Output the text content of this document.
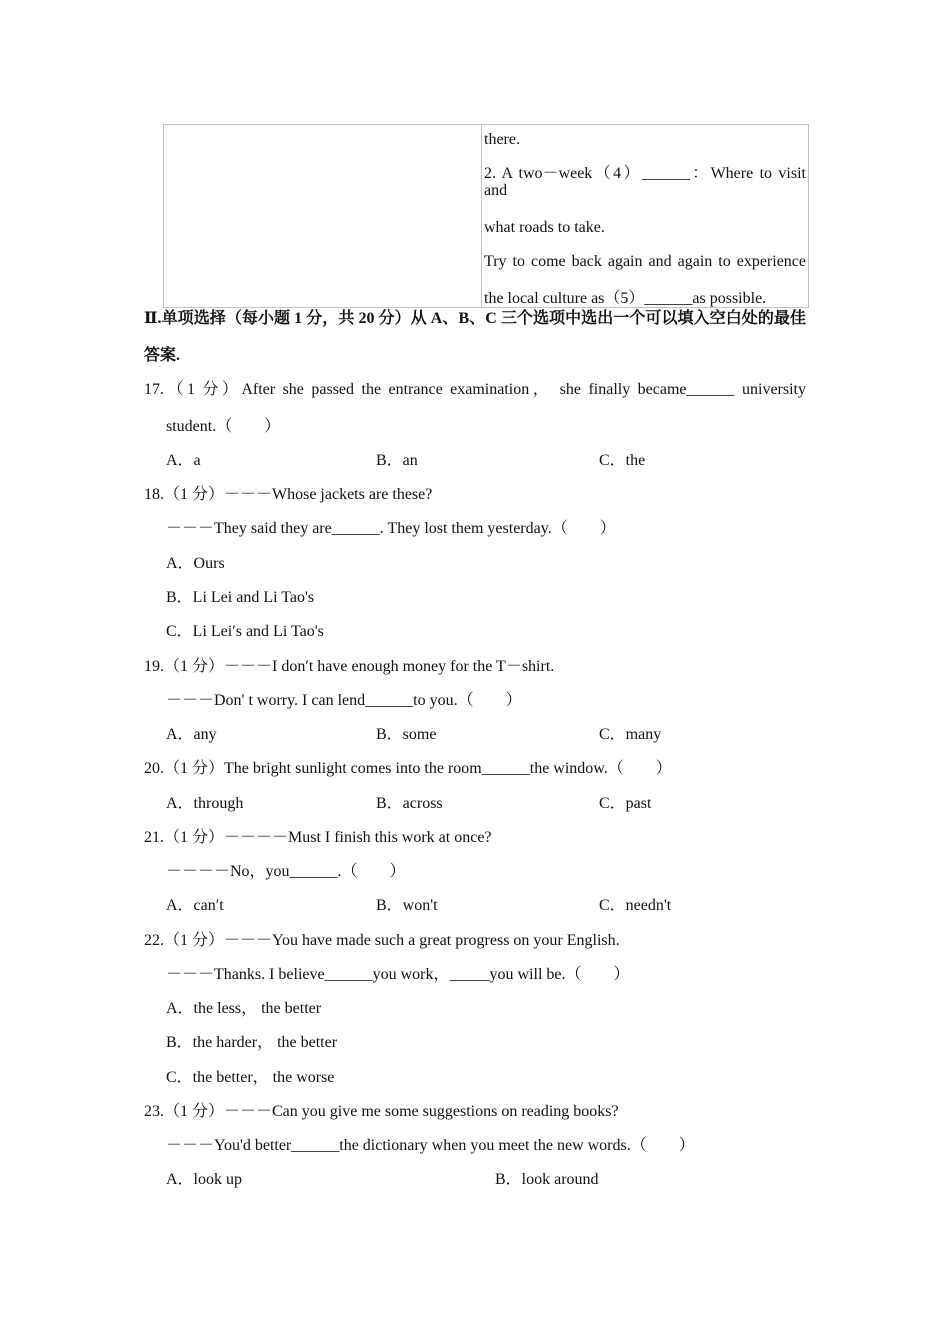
there.
2. A two－week（4）______：Where to visit and
what roads to take.
Try to come back again and again to experience
the local culture as（5）______as possible.
Ⅱ.单项选择（每小题 1 分，共 20 分）从 A、B、C 三个选项中选出一个可以填入空白处的最佳
答案.
17.（1 分）After she passed the entrance examination， she finally became______ university
student.（　　）
A．a	B．an	C．the
18.（1 分）－－－Whose jackets are these?
－－－They said they are______. They lost them yesterday.（　　）
A．Ours
B．Li Lei and Li Tao's
C．Li Lei′s and Li Tao's
19.（1 分）－－－I don′t have enough money for the T－shirt.
－－－Don' t worry. I can lend______to you.（　　）
A．any	B．some	C．many
20.（1 分）The bright sunlight comes into the room______the window.（　　）
A．through	B．across	C．past
21.（1 分）－－－－Must I finish this work at once?
－－－－No，you______.（　　）
A．can′t	B．won't	C．needn't
22.（1 分）－－－You have made such a great progress on your English.
－－－Thanks. I believe______you work，_____you will be.（　　）
A．the less， the better
B．the harder， the better
C．the better， the worse
23.（1 分）－－－Can you give me some suggestions on reading books?
－－－You'd better______the dictionary when you meet the new words.（　　）
A．look up	B．look around
